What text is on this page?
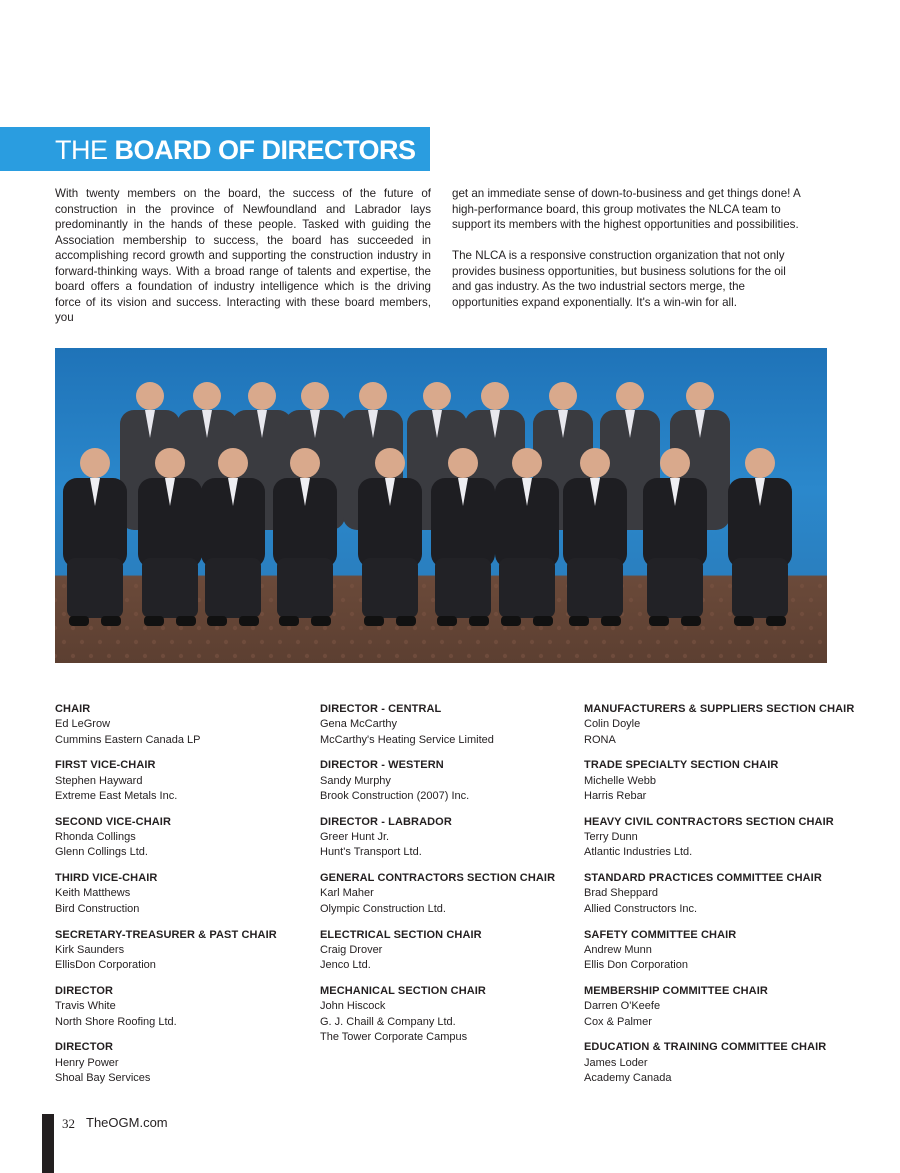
THE BOARD OF DIRECTORS

With twenty members on the board, the success of the future of construction in the province of Newfoundland and Labrador lays predominantly in the hands of these people. Tasked with guiding the Association membership to success, the board has succeeded in accomplishing record growth and supporting the construction industry in forward-thinking ways. With a broad range of talents and expertise, the board offers a foundation of industry intelligence which is the driving force of its vision and success. Interacting with these board members, you

get an immediate sense of down-to-business and get things done! A high-performance board, this group motivates the NLCA team to support its members with the highest opportunities and possibilities.

The NLCA is a responsive construction organization that not only provides business opportunities, but business solutions for the oil and gas industry. As the two industrial sectors merge, the opportunities expand exponentially. It's a win-win for all.

CHAIR
Ed LeGrow
Cummins Eastern Canada LP
FIRST VICE-CHAIR
Stephen Hayward
Extreme East Metals Inc.
SECOND VICE-CHAIR
Rhonda Collings
Glenn Collings Ltd.
THIRD VICE-CHAIR
Keith Matthews
Bird Construction
SECRETARY-TREASURER & PAST CHAIR
Kirk Saunders
EllisDon Corporation
DIRECTOR
Travis White
North Shore Roofing Ltd.
DIRECTOR
Henry Power
Shoal Bay Services
DIRECTOR - CENTRAL
Gena McCarthy
McCarthy's Heating Service Limited
DIRECTOR - WESTERN
Sandy Murphy
Brook Construction (2007) Inc.
DIRECTOR - LABRADOR
Greer Hunt Jr.
Hunt's Transport Ltd.
GENERAL CONTRACTORS SECTION CHAIR
Karl Maher
Olympic Construction Ltd.
ELECTRICAL SECTION CHAIR
Craig Drover
Jenco Ltd.
MECHANICAL SECTION CHAIR
John Hiscock
G. J. Chaill & Company Ltd.
The Tower Corporate Campus
MANUFACTURERS & SUPPLIERS SECTION CHAIR
Colin Doyle
RONA
TRADE SPECIALTY SECTION CHAIR
Michelle Webb
Harris Rebar
HEAVY CIVIL CONTRACTORS SECTION CHAIR
Terry Dunn
Atlantic Industries Ltd.
STANDARD PRACTICES COMMITTEE CHAIR
Brad Sheppard
Allied Constructors Inc.
SAFETY COMMITTEE CHAIR
Andrew Munn
Ellis Don Corporation
MEMBERSHIP COMMITTEE CHAIR
Darren O'Keefe
Cox & Palmer
EDUCATION & TRAINING COMMITTEE CHAIR
James Loder
Academy Canada
32 TheOGM.com
